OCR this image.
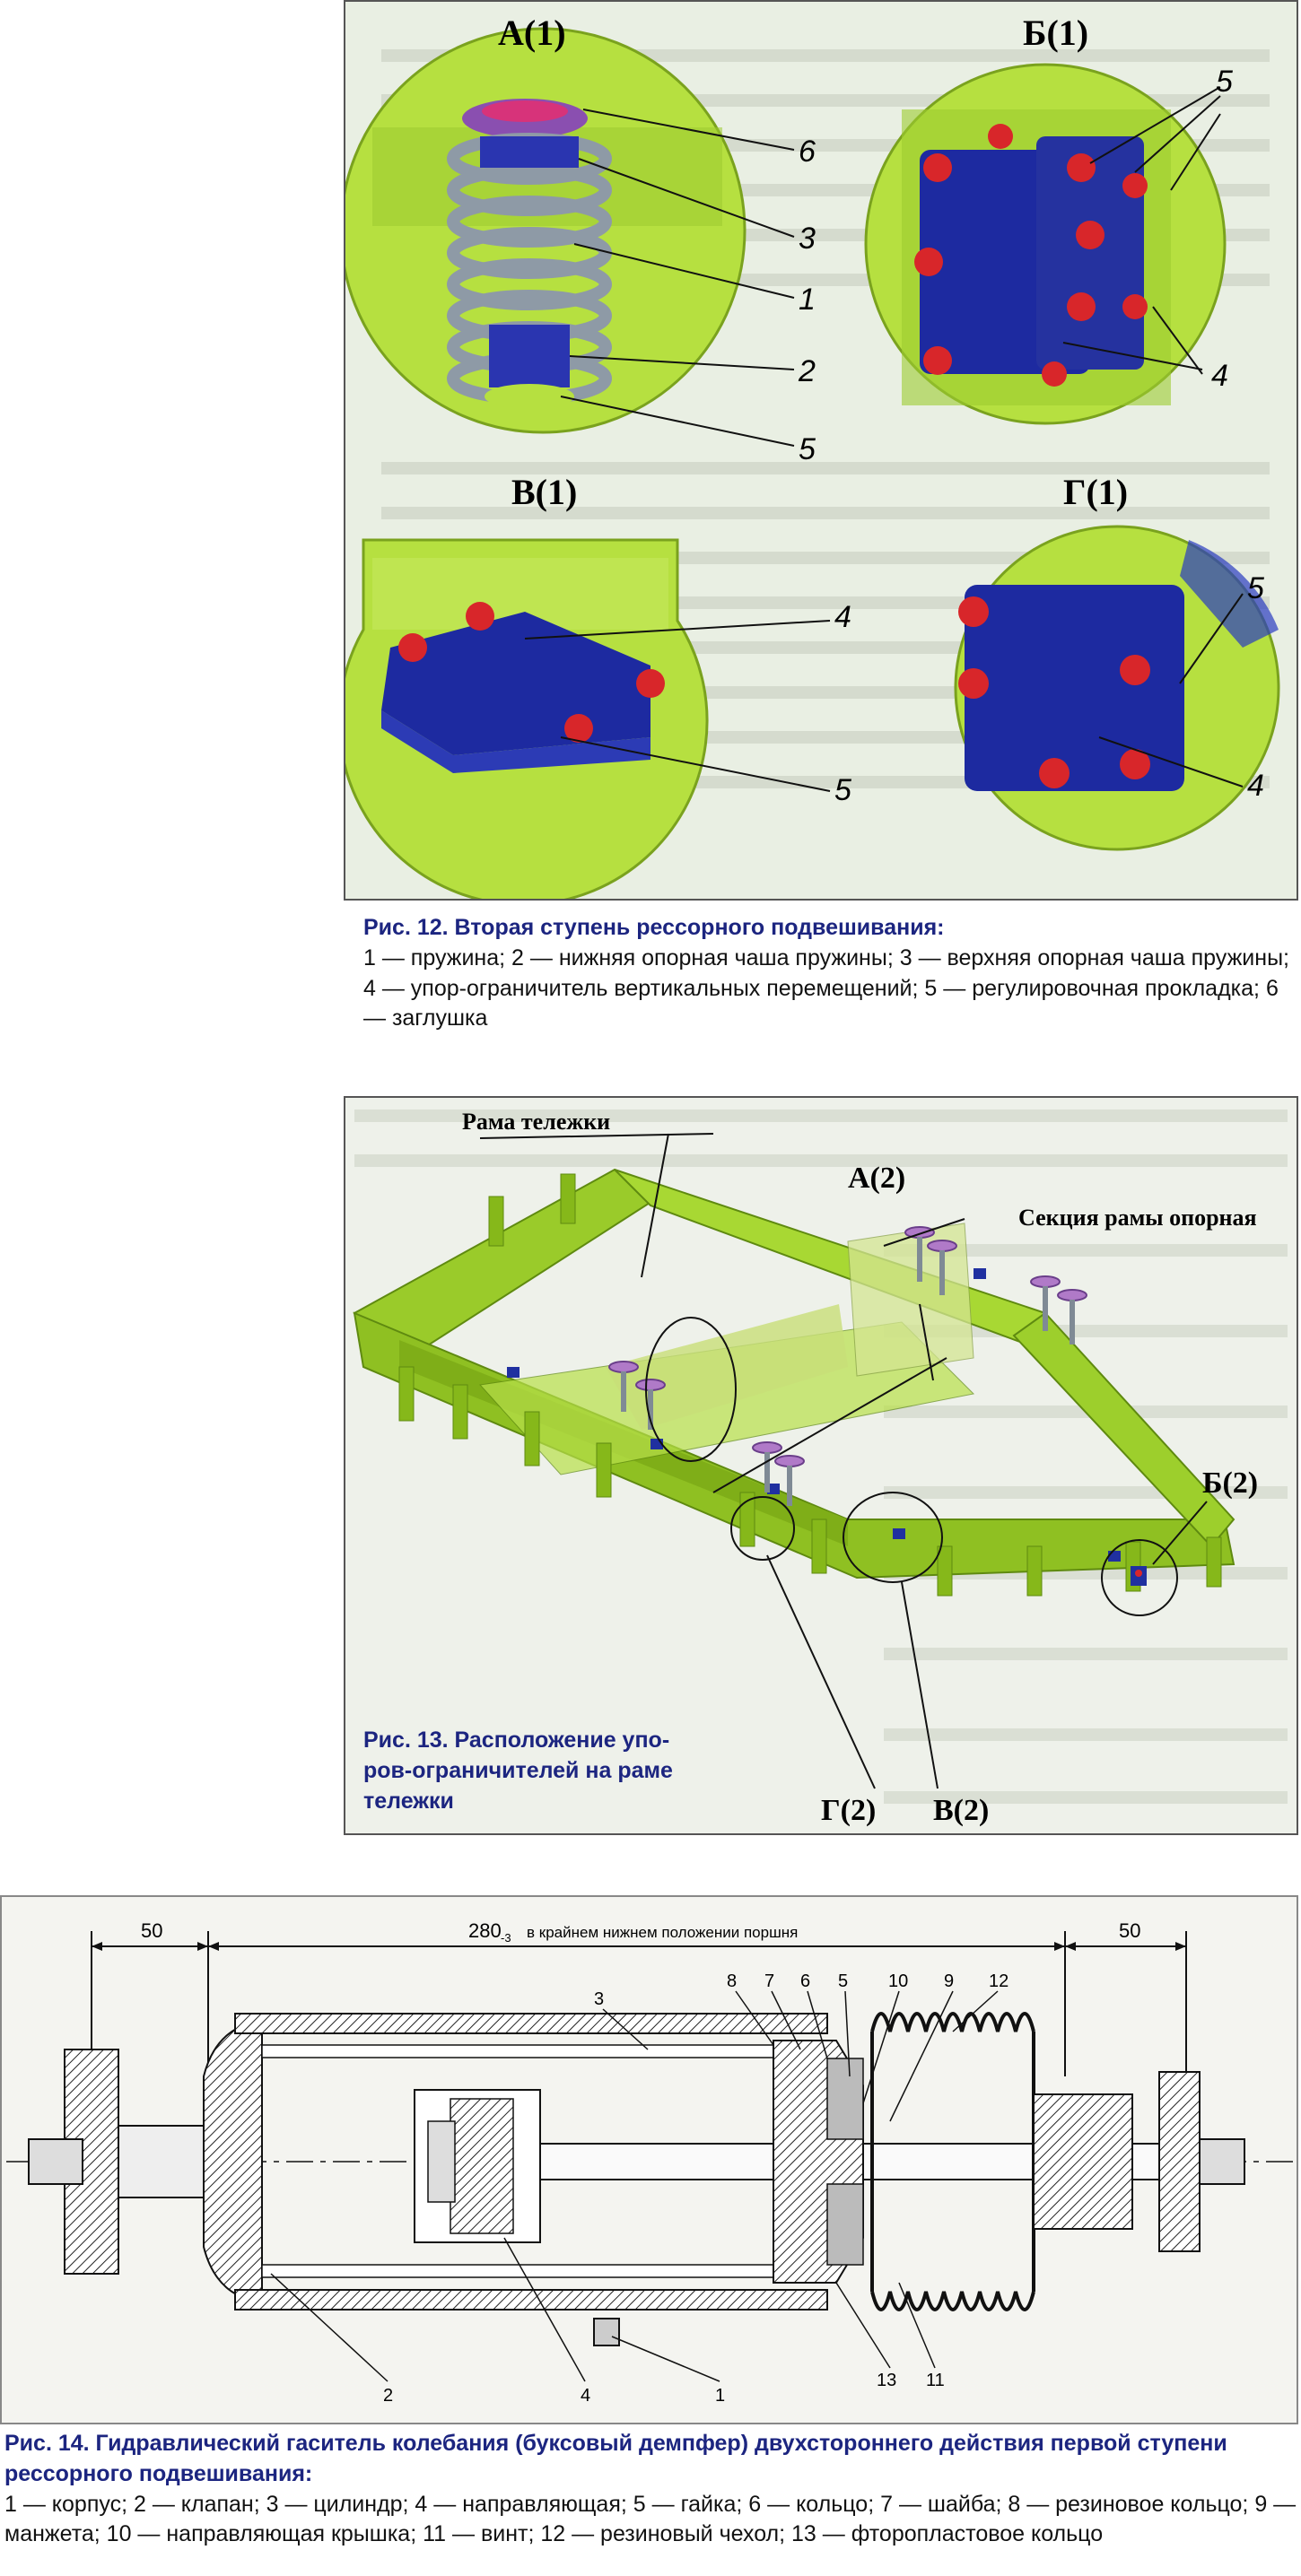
А(1)
6
3
1
2
5
Б(1)
5
4
В(1)
4
5
Г(1)
5
4
Рис. 12. Вторая ступень рессорного подвешивания:
1 — пружина; 2 — нижняя опорная чаша пружины; 3 — верхняя опорная чаша пружины; 4 — упор-ограничитель вертикальных перемещений; 5 — регулировочная прокладка; 6 — заглушка
Рама тележки
Секция рамы опорная
А(2)
Б(2)
Г(2) В(2)
Рис. 13. Расположение упо-
ров-ограничителей на раме
тележки
50	280 -3 в крайнем нижнем положении поршня	50
3
8 7 6 5 10 9 12
2	4	1
13 11
Рис. 14. Гидравлический гаситель колебания (буксовый демпфер) двухстороннего действия первой ступени рессорного подвешивания:
1 — корпус; 2 — клапан; 3 — цилиндр; 4 — направляющая; 5 — гайка; 6 — кольцо; 7 — шайба; 8 — резиновое кольцо; 9 — манжета; 10 — направляющая крышка; 11 — винт; 12 — резиновый чехол; 13 — фторопластовое кольцо
